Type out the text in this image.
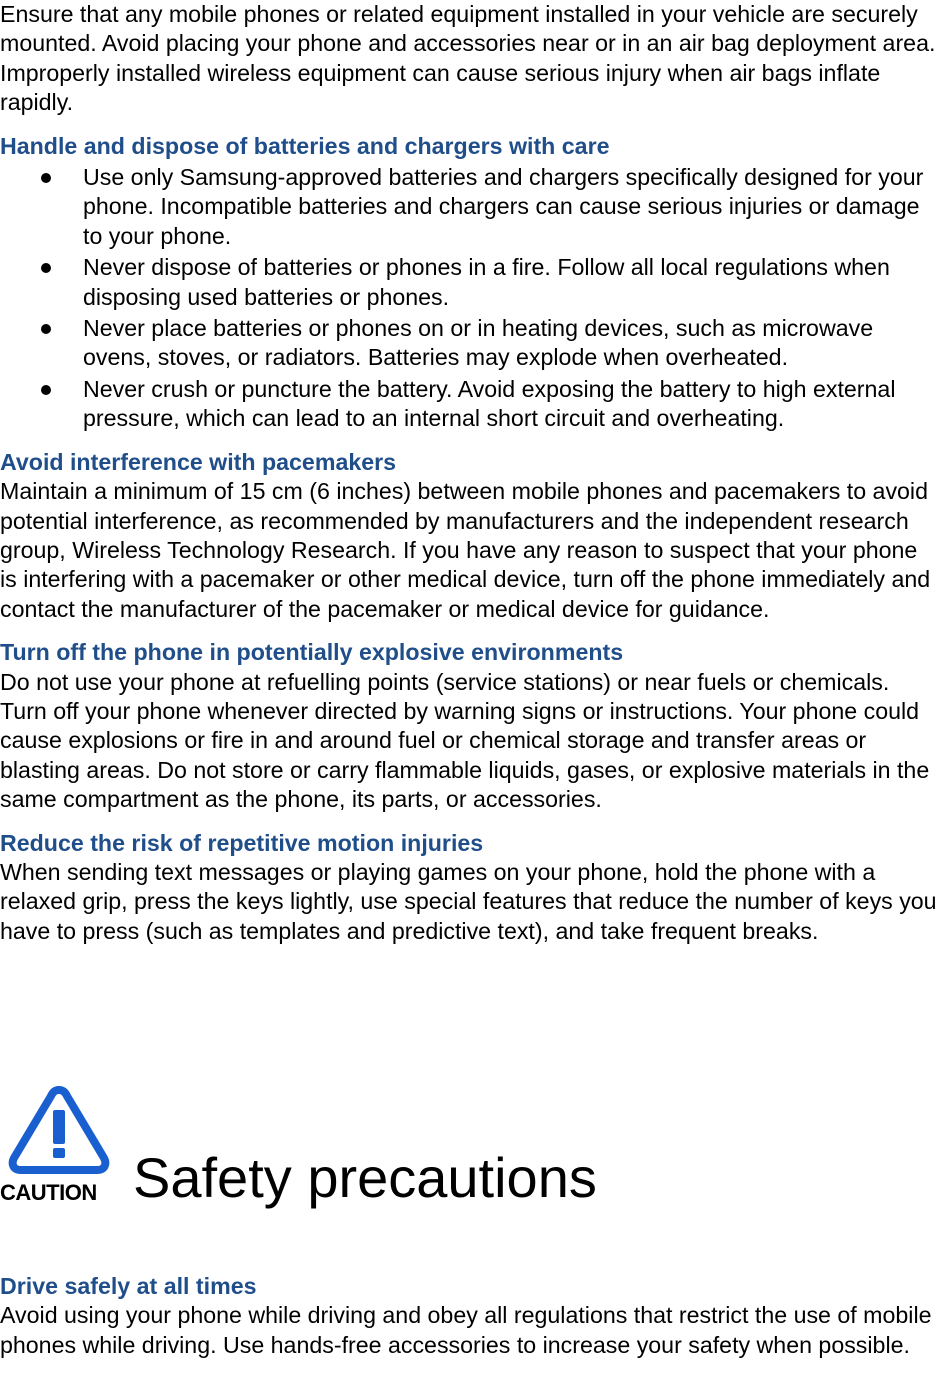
Ensure that any mobile phones or related equipment installed in your vehicle are securely mounted. Avoid placing your phone and accessories near or in an air bag deployment area. Improperly installed wireless equipment can cause serious injury when air bags inflate rapidly.

Handle and dispose of batteries and chargers with care
Use only Samsung-approved batteries and chargers specifically designed for your phone. Incompatible batteries and chargers can cause serious injuries or damage to your phone.
Never dispose of batteries or phones in a fire. Follow all local regulations when disposing used batteries or phones.
Never place batteries or phones on or in heating devices, such as microwave ovens, stoves, or radiators. Batteries may explode when overheated.
Never crush or puncture the battery. Avoid exposing the battery to high external pressure, which can lead to an internal short circuit and overheating.
Avoid interference with pacemakers

Maintain a minimum of 15 cm (6 inches) between mobile phones and pacemakers to avoid potential interference, as recommended by manufacturers and the independent research group, Wireless Technology Research. If you have any reason to suspect that your phone is interfering with a pacemaker or other medical device, turn off the phone immediately and contact the manufacturer of the pacemaker or medical device for guidance.

Turn off the phone in potentially explosive environments

Do not use your phone at refuelling points (service stations) or near fuels or chemicals. Turn off your phone whenever directed by warning signs or instructions. Your phone could cause explosions or fire in and around fuel or chemical storage and transfer areas or blasting areas. Do not store or carry flammable liquids, gases, or explosive materials in the same compartment as the phone, its parts, or accessories.

Reduce the risk of repetitive motion injuries

When sending text messages or playing games on your phone, hold the phone with a relaxed grip, press the keys lightly, use special features that reduce the number of keys you have to press (such as templates and predictive text), and take frequent breaks.

CAUTION Safety precautions
Drive safely at all times

Avoid using your phone while driving and obey all regulations that restrict the use of mobile phones while driving. Use hands-free accessories to increase your safety when possible.
